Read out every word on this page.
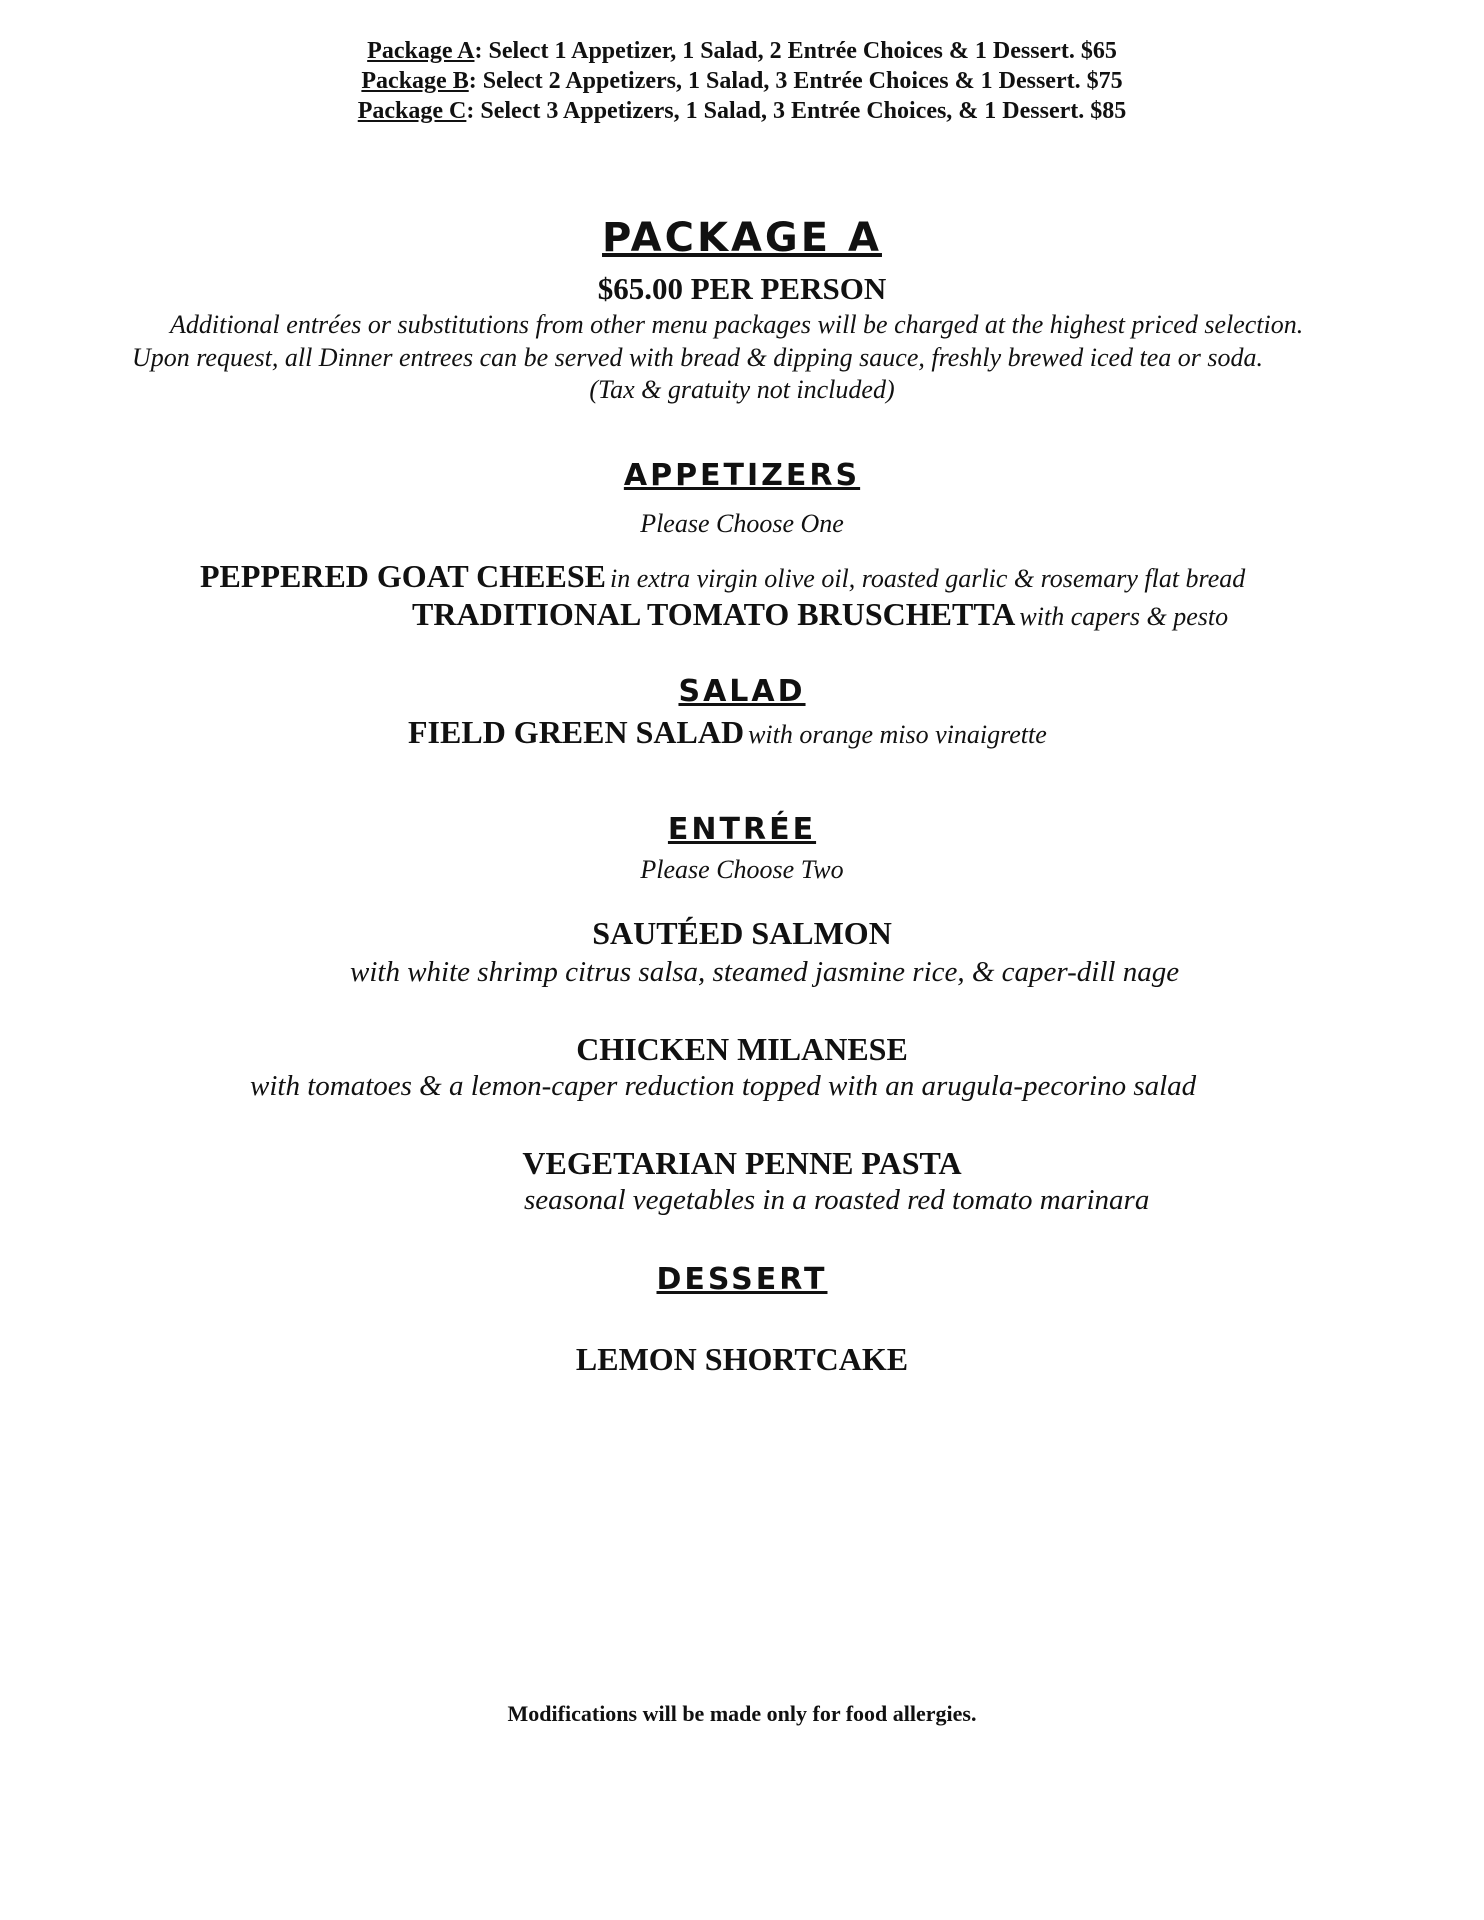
Package A: Select 1 Appetizer, 1 Salad, 2 Entrée Choices & 1 Dessert. $65
Package B: Select 2 Appetizers, 1 Salad, 3 Entrée Choices & 1 Dessert. $75
Package C: Select 3 Appetizers, 1 Salad, 3 Entrée Choices, & 1 Dessert. $85
PACKAGE A
$65.00 PER PERSON
Additional entrées or substitutions from other menu packages will be charged at the highest priced selection.
Upon request, all Dinner entrees can be served with bread & dipping sauce, freshly brewed iced tea or soda.
(Tax & gratuity not included)
APPETIZERS
Please Choose One
PEPPERED GOAT CHEESE in extra virgin olive oil, roasted garlic & rosemary flat bread
TRADITIONAL TOMATO BRUSCHETTA with capers & pesto
SALAD
FIELD GREEN SALAD with orange miso vinaigrette
ENTRÉE
Please Choose Two
SAUTÉED SALMON
with white shrimp citrus salsa, steamed jasmine rice, & caper-dill nage
CHICKEN MILANESE
with tomatoes & a lemon-caper reduction topped with an arugula-pecorino salad
VEGETARIAN PENNE PASTA
seasonal vegetables in a roasted red tomato marinara
DESSERT
LEMON SHORTCAKE
Modifications will be made only for food allergies.
